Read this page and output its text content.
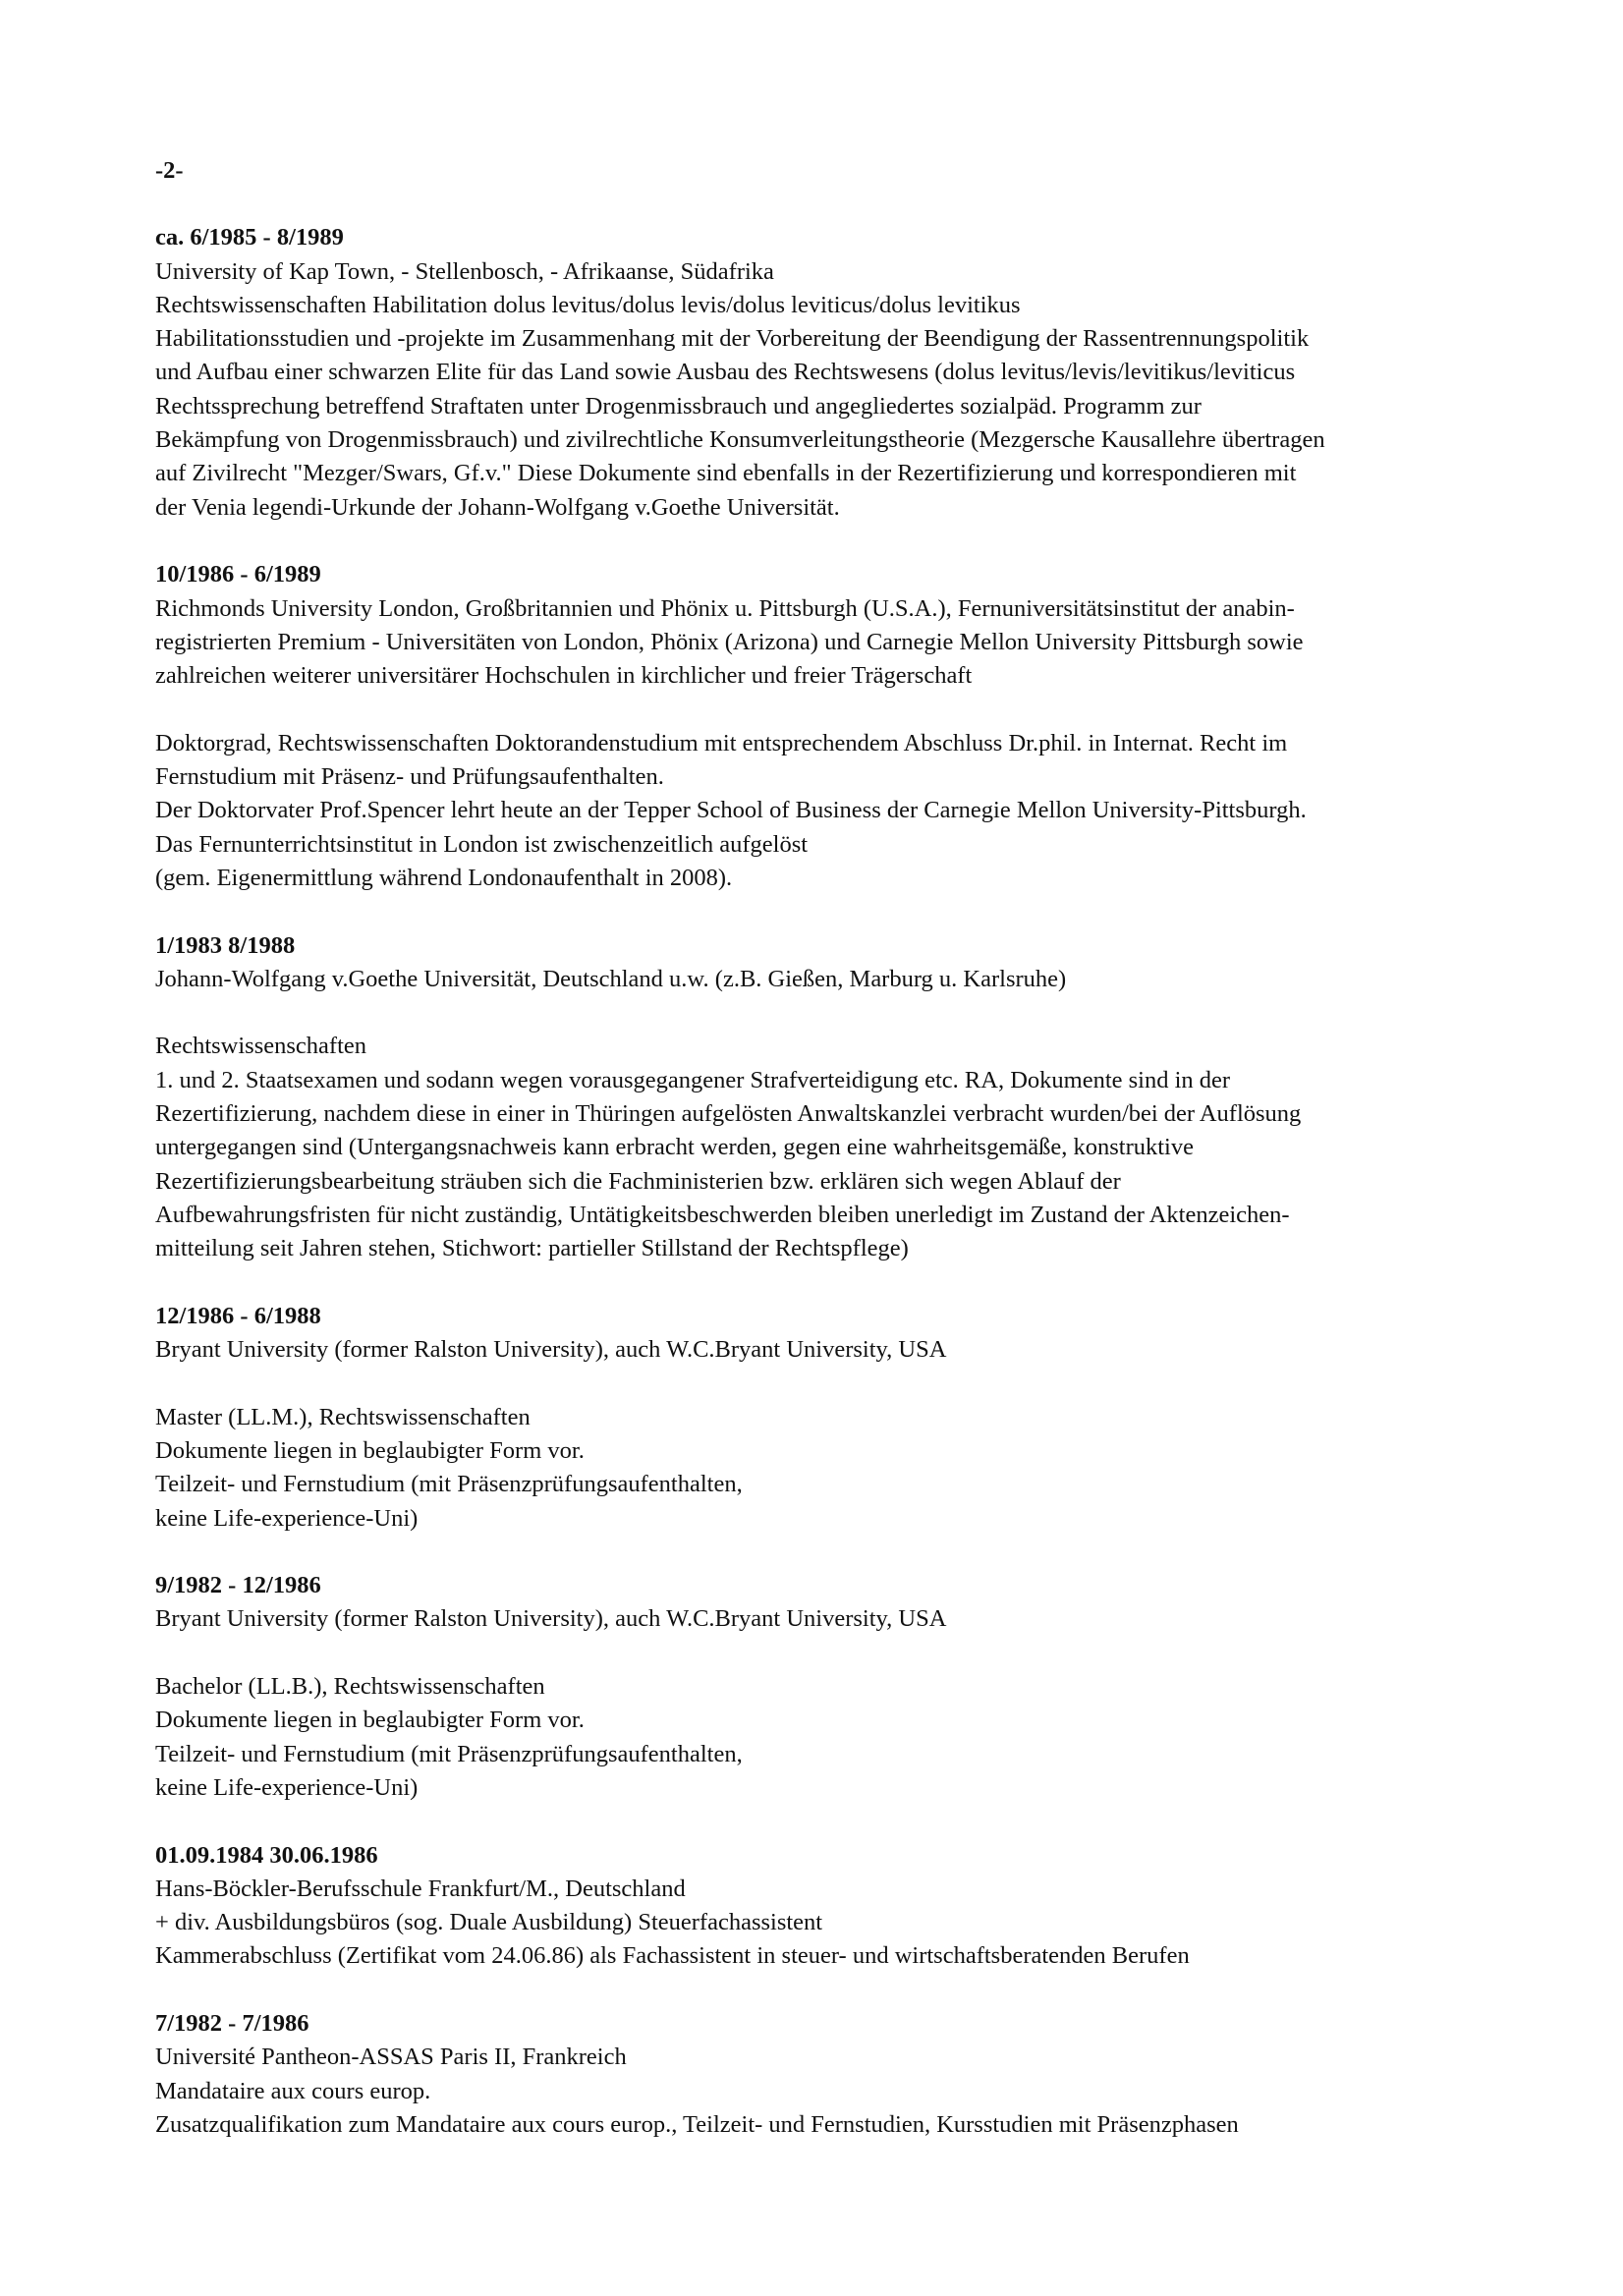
-2-
ca. 6/1985 - 8/1989
University of Kap Town, - Stellenbosch, - Afrikaanse, Südafrika
Rechtswissenschaften Habilitation dolus levitus/dolus levis/dolus leviticus/dolus levitikus
Habilitationsstudien und -projekte im Zusammenhang mit der Vorbereitung der Beendigung der Rassentrennungspolitik
und Aufbau einer schwarzen Elite für das Land sowie Ausbau des Rechtswesens (dolus levitus/levis/levitikus/leviticus
Rechtssprechung betreffend Straftaten unter Drogenmissbrauch und angegliedertes sozialpäd. Programm zur
Bekämpfung von Drogenmissbrauch) und zivilrechtliche Konsumverleitungstheorie (Mezgersche Kausallehre übertragen
auf Zivilrecht "Mezger/Swars, Gf.v." Diese Dokumente sind ebenfalls in der Rezertifizierung und korrespondieren mit
der Venia legendi-Urkunde der Johann-Wolfgang v.Goethe Universität.
10/1986 - 6/1989
Richmonds University London, Großbritannien und Phönix u. Pittsburgh (U.S.A.), Fernuniversitätsinstitut der anabin-
registrierten Premium - Universitäten von London, Phönix (Arizona) und Carnegie Mellon University Pittsburgh sowie
zahlreichen weiterer universitärer Hochschulen in kirchlicher und freier Trägerschaft
Doktorgrad, Rechtswissenschaften Doktorandenstudium mit entsprechendem Abschluss Dr.phil. in Internat. Recht im
Fernstudium mit Präsenz- und Prüfungsaufenthalten.
Der Doktorvater Prof.Spencer lehrt heute an der Tepper School of Business der Carnegie Mellon University-Pittsburgh.
Das Fernunterrichtsinstitut in London ist zwischenzeitlich aufgelöst
(gem. Eigenermittlung während Londonaufenthalt in 2008).
1/1983 8/1988
Johann-Wolfgang v.Goethe Universität, Deutschland u.w. (z.B. Gießen, Marburg u. Karlsruhe)
Rechtswissenschaften
1. und 2. Staatsexamen und sodann wegen vorausgegangener Strafverteidigung etc. RA, Dokumente sind in der
Rezertifizierung, nachdem diese in einer in Thüringen aufgelösten Anwaltskanzlei verbracht wurden/bei der Auflösung
untergegangen sind (Untergangsnachweis kann erbracht werden, gegen eine wahrheitsgemäße, konstruktive
Rezertifizierungsbearbeitung sträuben sich die Fachministerien bzw. erklären sich wegen Ablauf der
Aufbewahrungsfristen für nicht zuständig, Untätigkeitsbeschwerden bleiben unerledigt im Zustand der Aktenzeichen-
mitteilung seit Jahren stehen, Stichwort: partieller Stillstand der Rechtspflege)
12/1986 - 6/1988
Bryant University (former Ralston University), auch W.C.Bryant University, USA
Master (LL.M.), Rechtswissenschaften
Dokumente liegen in beglaubigter Form vor.
Teilzeit- und Fernstudium (mit Präsenzprüfungsaufenthalten,
keine Life-experience-Uni)
9/1982 - 12/1986
Bryant University (former Ralston University), auch W.C.Bryant University, USA
Bachelor (LL.B.), Rechtswissenschaften
Dokumente liegen in beglaubigter Form vor.
Teilzeit- und Fernstudium (mit Präsenzprüfungsaufenthalten,
keine Life-experience-Uni)
01.09.1984 30.06.1986
Hans-Böckler-Berufsschule Frankfurt/M., Deutschland
+ div. Ausbildungsbüros (sog. Duale Ausbildung) Steuerfachassistent
Kammerabschluss (Zertifikat vom 24.06.86) als Fachassistent in steuer- und wirtschaftsberatenden Berufen
7/1982 - 7/1986
Université Pantheon-ASSAS Paris II, Frankreich
Mandataire aux cours europ.
Zusatzqualifikation zum Mandataire aux cours europ., Teilzeit- und Fernstudien, Kursstudien mit Präsenzphasen
